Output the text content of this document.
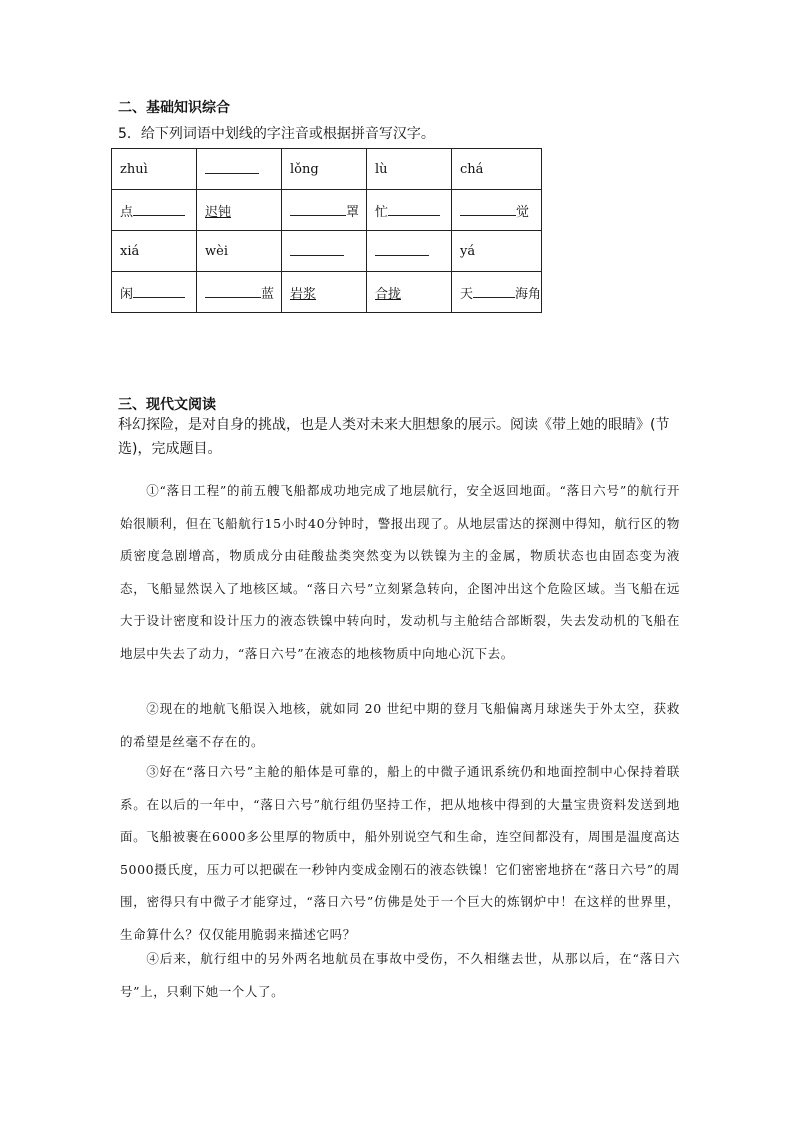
二、基础知识综合
5．给下列词语中划线的字注音或根据拼音写汉字。
zhuì		lǒng	lù	chá
点	迟钝	罩	忙	觉
xiá	wèi			yá
闲	蓝	岩浆	合拢	天 海角
三、现代文阅读
科幻探险，是对自身的挑战，也是人类对未来大胆想象的展示。阅读《带上她的眼睛》(节选)，完成题目。
①“落日工程”的前五艘飞船都成功地完成了地层航行，安全返回地面。“落日六号”的航行开始很顺利，但在飞船航行15小时40分钟时，警报出现了。从地层雷达的探测中得知，航行区的物质密度急剧增高，物质成分由硅酸盐类突然变为以铁镍为主的金属，物质状态也由固态变为液态，飞船显然误入了地核区域。“落日六号”立刻紧急转向，企图冲出这个危险区域。当飞船在远大于设计密度和设计压力的液态铁镍中转向时，发动机与主舱结合部断裂，失去发动机的飞船在地层中失去了动力，“落日六号”在液态的地核物质中向地心沉下去。
②现在的地航飞船误入地核，就如同 20 世纪中期的登月飞船偏离月球迷失于外太空，获救的希望是丝毫不存在的。
③好在“落日六号”主舱的船体是可靠的，船上的中微子通讯系统仍和地面控制中心保持着联系。在以后的一年中，“落日六号”航行组仍坚持工作，把从地核中得到的大量宝贵资料发送到地面。飞船被裹在6000多公里厚的物质中，船外别说空气和生命，连空间都没有，周围是温度高达5000摄氏度，压力可以把碳在一秒钟内变成金刚石的液态铁镍！它们密密地挤在“落日六号”的周围，密得只有中微子才能穿过，“落日六号”仿佛是处于一个巨大的炼钢炉中！在这样的世界里，生命算什么？仅仅能用脆弱来描述它吗？
④后来，航行组中的另外两名地航员在事故中受伤，不久相继去世，从那以后，在“落日六号”上，只剩下她一个人了。
